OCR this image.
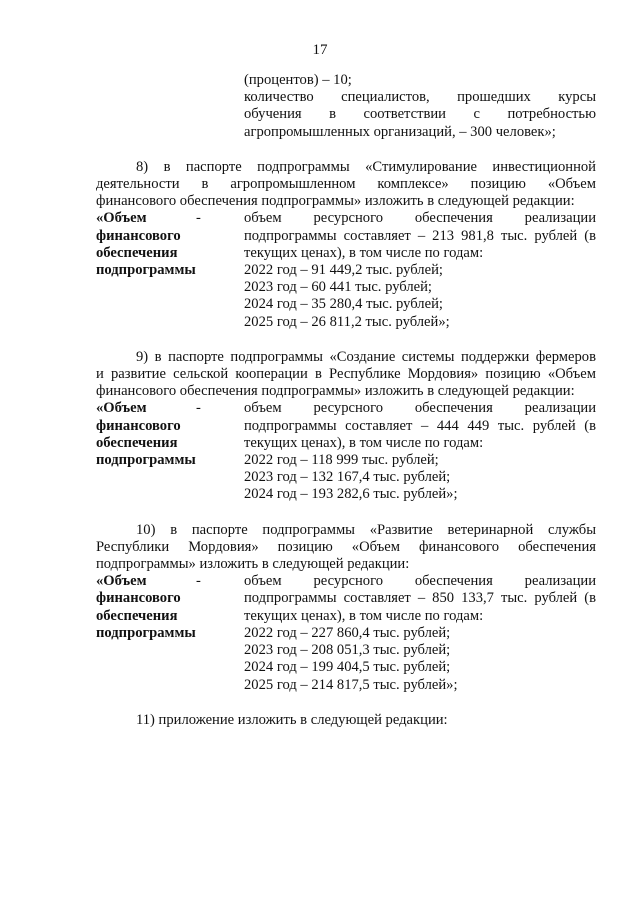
17
(процентов) – 10;
количество специалистов, прошедших курсы
обучения в соответствии с потребностью
агропромышленных организаций, – 300 человек»;
8) в паспорте подпрограммы «Стимулирование инвестиционной
деятельности в агропромышленном комплексе» позицию «Объем
финансового обеспечения подпрограммы» изложить в следующей редакции:
«Объем
финансового
обеспечения
подпрограммы
-	объем ресурсного обеспечения реализации
подпрограммы составляет – 213 981,8 тыс. рублей (в
текущих ценах), в том числе по годам:
2022 год – 91 449,2 тыс. рублей;
2023 год – 60 441 тыс. рублей;
2024 год – 35 280,4 тыс. рублей;
2025 год – 26 811,2 тыс. рублей»;
9) в паспорте подпрограммы «Создание системы поддержки фермеров
и развитие сельской кооперации в Республике Мордовия» позицию «Объем
финансового обеспечения подпрограммы» изложить в следующей редакции:
«Объем
финансового
обеспечения
подпрограммы
-	объем ресурсного обеспечения реализации
подпрограммы составляет – 444 449 тыс. рублей (в
текущих ценах), в том числе по годам:
2022 год – 118 999 тыс. рублей;
2023 год – 132 167,4 тыс. рублей;
2024 год – 193 282,6 тыс. рублей»;
10) в паспорте подпрограммы «Развитие ветеринарной службы
Республики Мордовия» позицию «Объем финансового обеспечения
подпрограммы» изложить в следующей редакции:
«Объем
финансового
обеспечения
подпрограммы
-	объем ресурсного обеспечения реализации
подпрограммы составляет – 850 133,7 тыс. рублей (в
текущих ценах), в том числе по годам:
2022 год – 227 860,4 тыс. рублей;
2023 год – 208 051,3 тыс. рублей;
2024 год – 199 404,5 тыс. рублей;
2025 год – 214 817,5 тыс. рублей»;
11) приложение изложить в следующей редакции:
